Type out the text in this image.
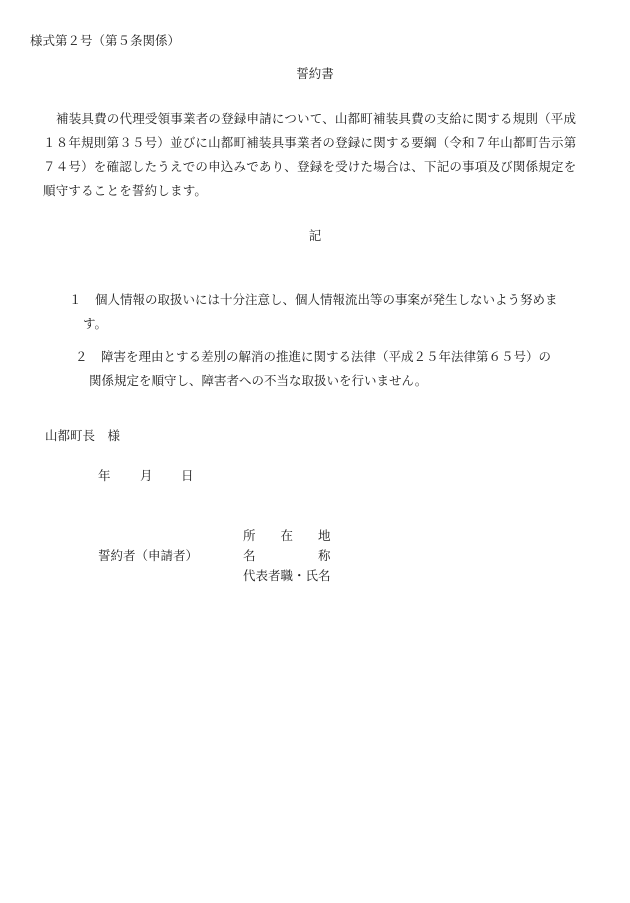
様式第２号（第５条関係）
誓約書
補装具費の代理受領事業者の登録申請について、山都町補装具費の支給に関する規則（平成１８年規則第３５号）並びに山都町補装具事業者の登録に関する要綱（令和７年山都町告示第７４号）を確認したうえでの申込みであり、登録を受けた場合は、下記の事項及び関係規定を順守することを誓約します。
記
１ 個人情報の取扱いには十分注意し、個人情報流出等の事案が発生しないよう努めます。
２ 障害を理由とする差別の解消の推進に関する法律（平成２５年法律第６５号）の関係規定を順守し、障害者への不当な取扱いを行いません。
山都町長　様
年 月 日
誓約者（申請者）
所　　在　　地
名　　　　　称
代表者職・氏名
